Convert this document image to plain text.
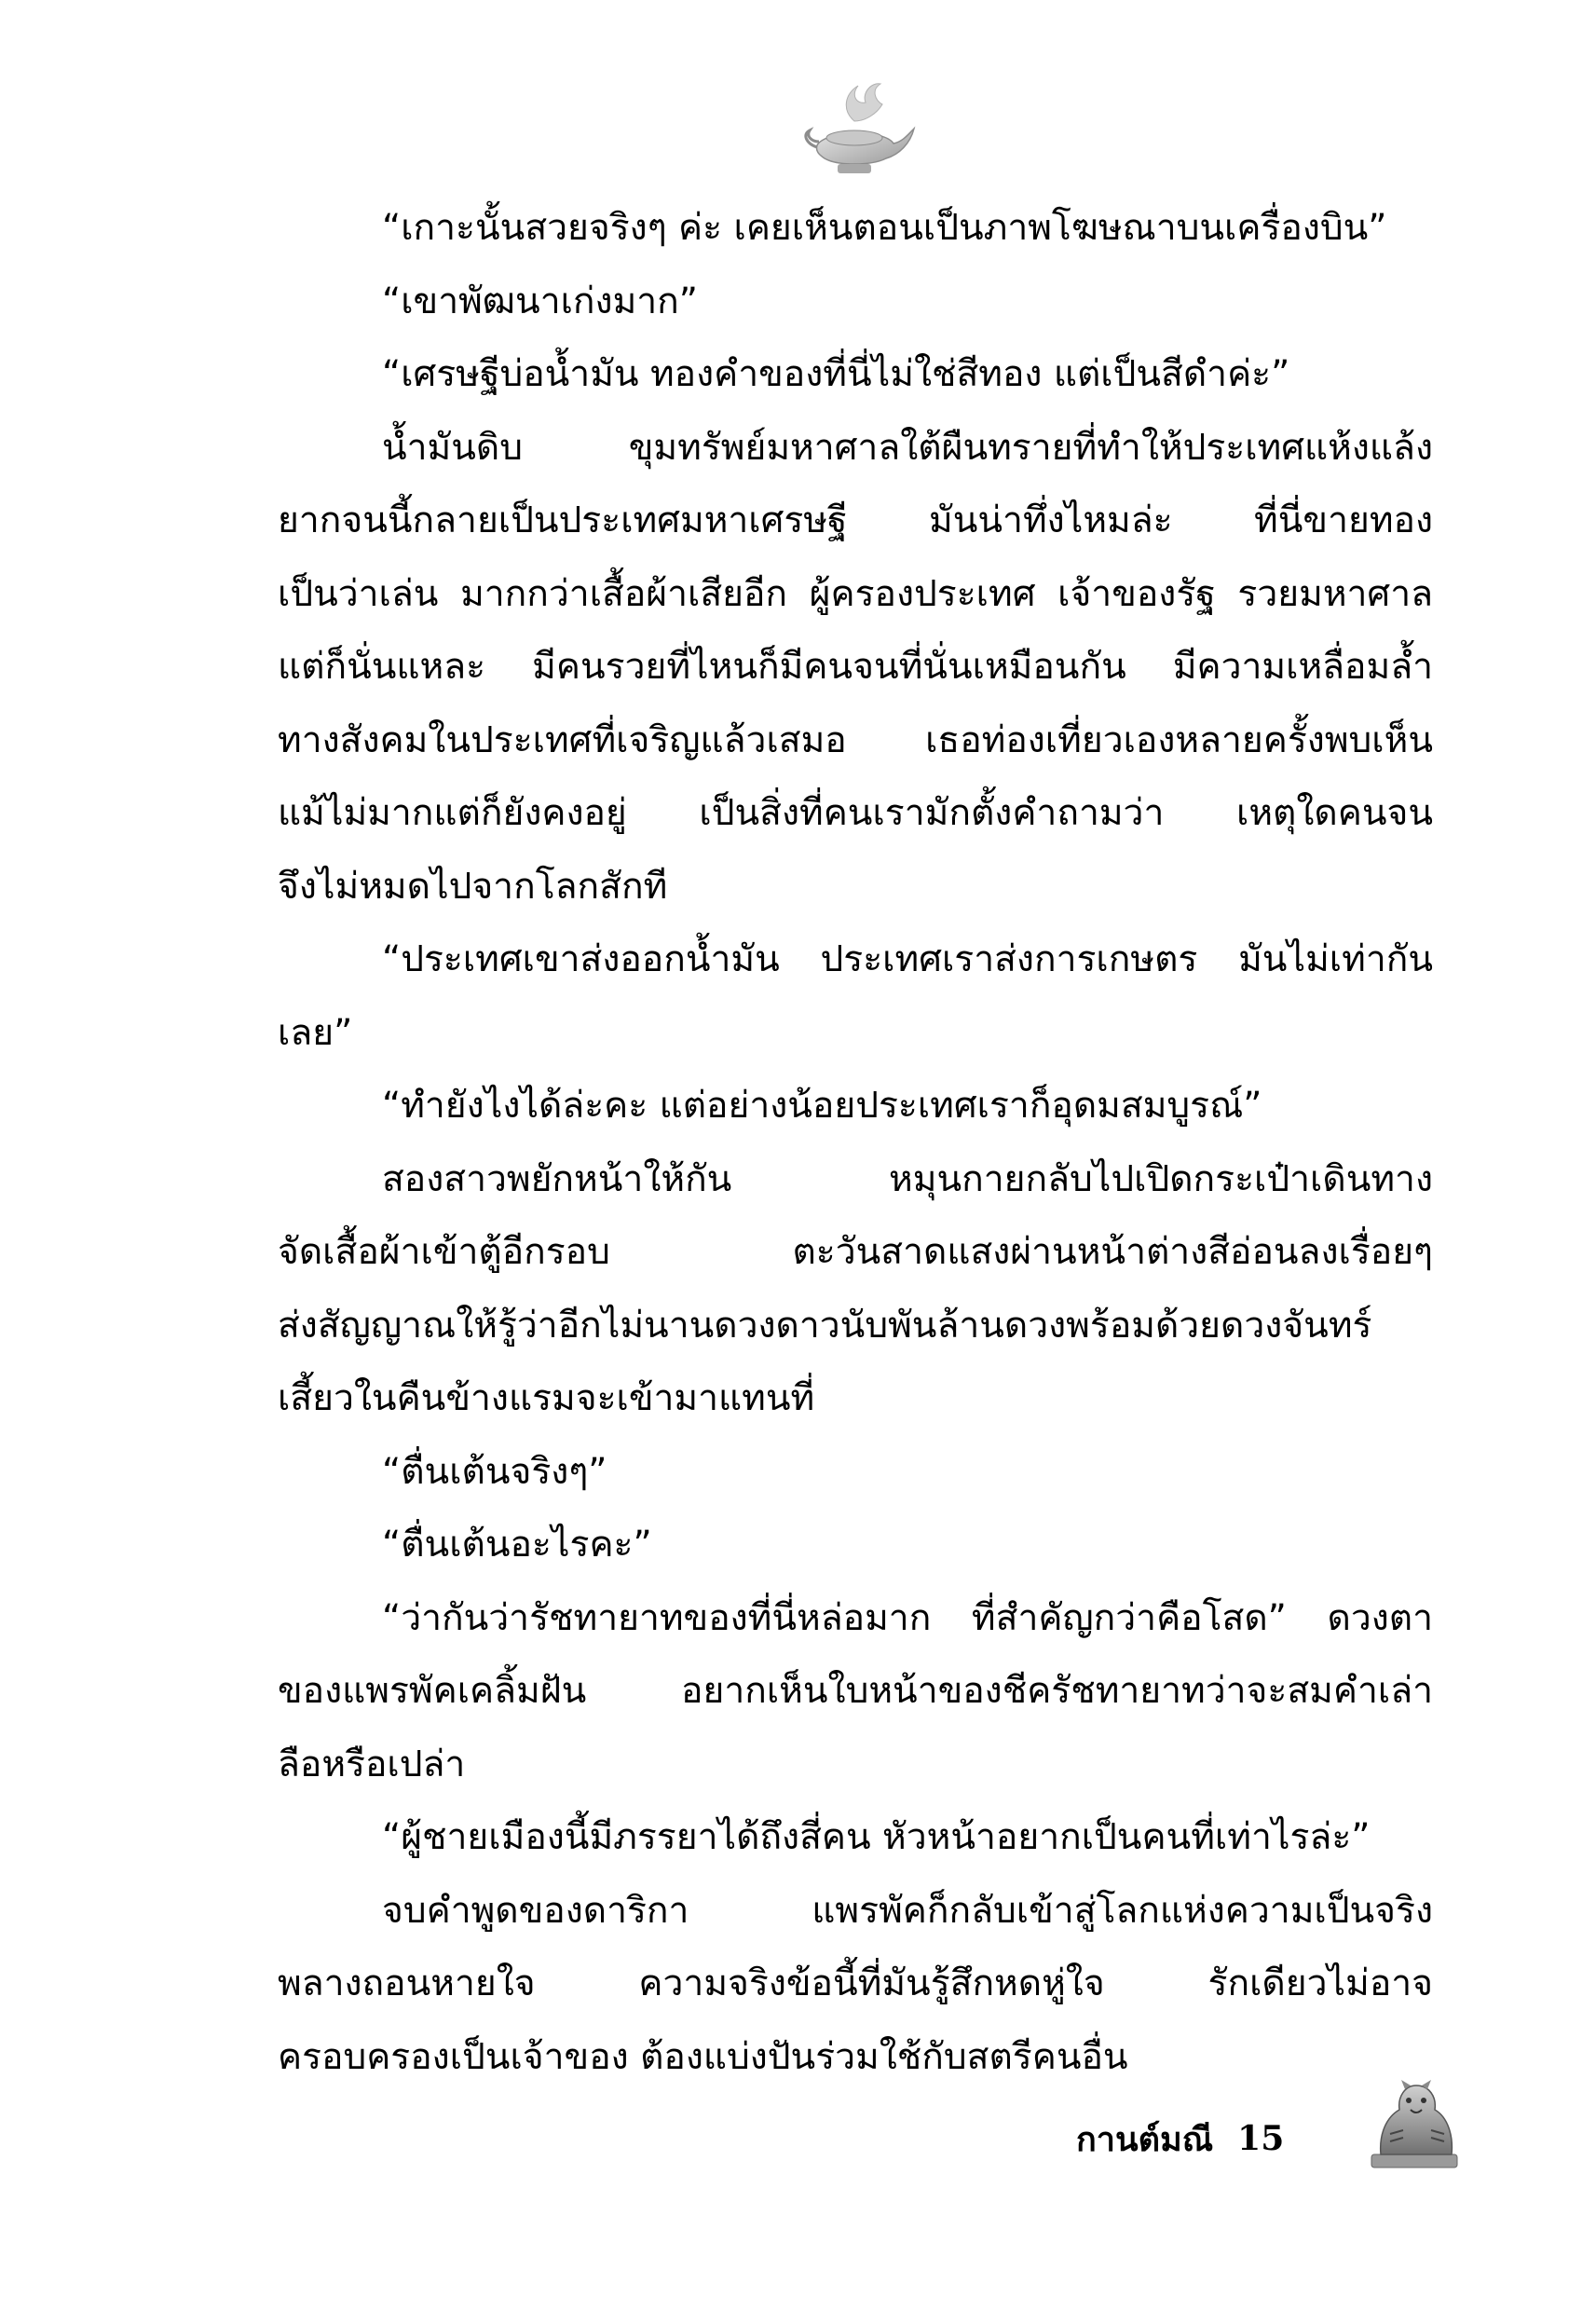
“เกาะนั้นสวยจริงๆ ค่ะ เคยเห็นตอนเป็นภาพโฆษณาบนเครื่องบิน”

“เขาพัฒนาเก่งมาก”

“เศรษฐีบ่อน้ำมัน ทองคำของที่นี่ไม่ใช่สีทอง แต่เป็นสีดำค่ะ”

น้ำมันดิบ ขุมทรัพย์มหาศาลใต้ผืนทรายที่ทำให้ประเทศแห้งแล้ง
ยากจนนี้กลายเป็นประเทศมหาเศรษฐี มันน่าทึ่งไหมล่ะ ที่นี่ขายทอง
เป็นว่าเล่น มากกว่าเสื้อผ้าเสียอีก ผู้ครองประเทศ เจ้าของรัฐ รวยมหาศาล
แต่ก็นั่นแหละ มีคนรวยที่ไหนก็มีคนจนที่นั่นเหมือนกัน มีความเหลื่อมล้ำ
ทางสังคมในประเทศที่เจริญแล้วเสมอ เธอท่องเที่ยวเองหลายครั้งพบเห็น
แม้ไม่มากแต่ก็ยังคงอยู่ เป็นสิ่งที่คนเรามักตั้งคำถามว่า เหตุใดคนจน
จึงไม่หมดไปจากโลกสักที
“ประเทศเขาส่งออกน้ำมัน ประเทศเราส่งการเกษตร มันไม่เท่ากัน
เลย”

“ทำยังไงได้ล่ะคะ แต่อย่างน้อยประเทศเราก็อุดมสมบูรณ์”

สองสาวพยักหน้าให้กัน หมุนกายกลับไปเปิดกระเป๋าเดินทาง
จัดเสื้อผ้าเข้าตู้อีกรอบ ตะวันสาดแสงผ่านหน้าต่างสีอ่อนลงเรื่อยๆ
ส่งสัญญาณให้รู้ว่าอีกไม่นานดวงดาวนับพันล้านดวงพร้อมด้วยดวงจันทร์
เสี้ยวในคืนข้างแรมจะเข้ามาแทนที่

“ตื่นเต้นจริงๆ”

“ตื่นเต้นอะไรคะ”

“ว่ากันว่ารัชทายาทของที่นี่หล่อมาก ที่สำคัญกว่าคือโสด” ดวงตา
ของแพรพัคเคลิ้มฝัน อยากเห็นใบหน้าของชีครัชทายาทว่าจะสมคำเล่า
ลือหรือเปล่า

“ผู้ชายเมืองนี้มีภรรยาได้ถึงสี่คน หัวหน้าอยากเป็นคนที่เท่าไรล่ะ”

จบคำพูดของดาริกา แพรพัคก็กลับเข้าสู่โลกแห่งความเป็นจริง
พลางถอนหายใจ ความจริงข้อนี้ที่มันรู้สึกหดหู่ใจ รักเดียวไม่อาจ
ครอบครองเป็นเจ้าของ ต้องแบ่งปันร่วมใช้กับสตรีคนอื่น
กานต์มณี 15
